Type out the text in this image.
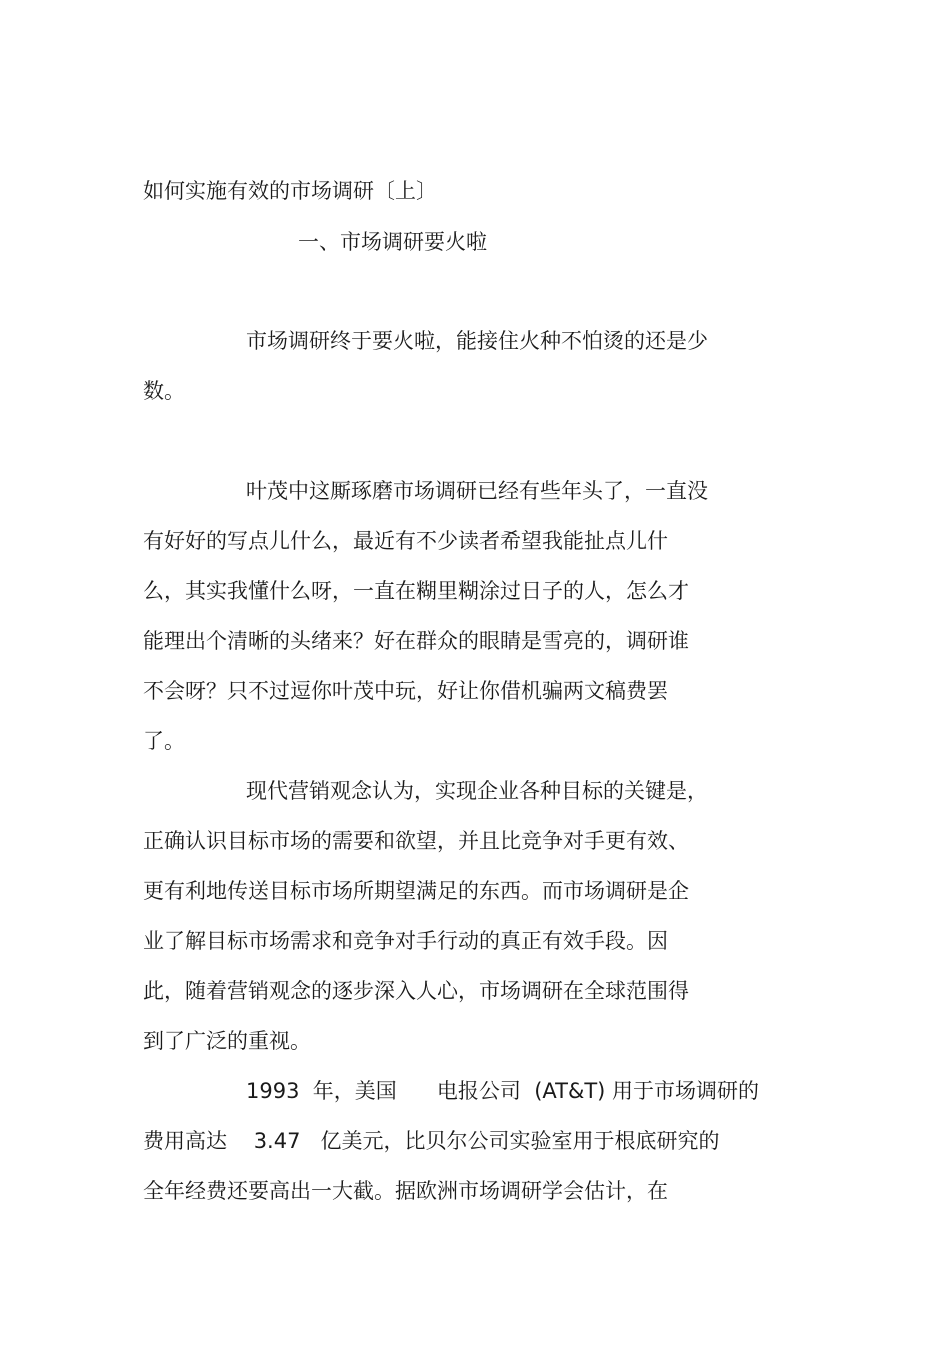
如何实施有效的市场调研〔上〕

一、市场调研要火啦

市场调研终于要火啦，能接住火种不怕烫的还是少

数。

叶茂中这厮琢磨市场调研已经有些年头了，一直没

有好好的写点儿什么，最近有不少读者希望我能扯点儿什

么，其实我懂什么呀，一直在糊里糊涂过日子的人，怎么才

能理出个清晰的头绪来？好在群众的眼睛是雪亮的，调研谁

不会呀？只不过逗你叶茂中玩，好让你借机骗两文稿费罢

了。

现代营销观念认为，实现企业各种目标的关键是，

正确认识目标市场的需要和欲望，并且比竞争对手更有效、

更有利地传送目标市场所期望满足的东西。而市场调研是企

业了解目标市场需求和竞争对手行动的真正有效手段。因

此，随着营销观念的逐步深入人心，市场调研在全球范围得

到了广泛的重视。

1993  年，美国      电报公司  (AT&T) 用于市场调研的

费用高达    3.47   亿美元，比贝尔公司实验室用于根底研究的

全年经费还要高出一大截。据欧洲市场调研学会估计，在
